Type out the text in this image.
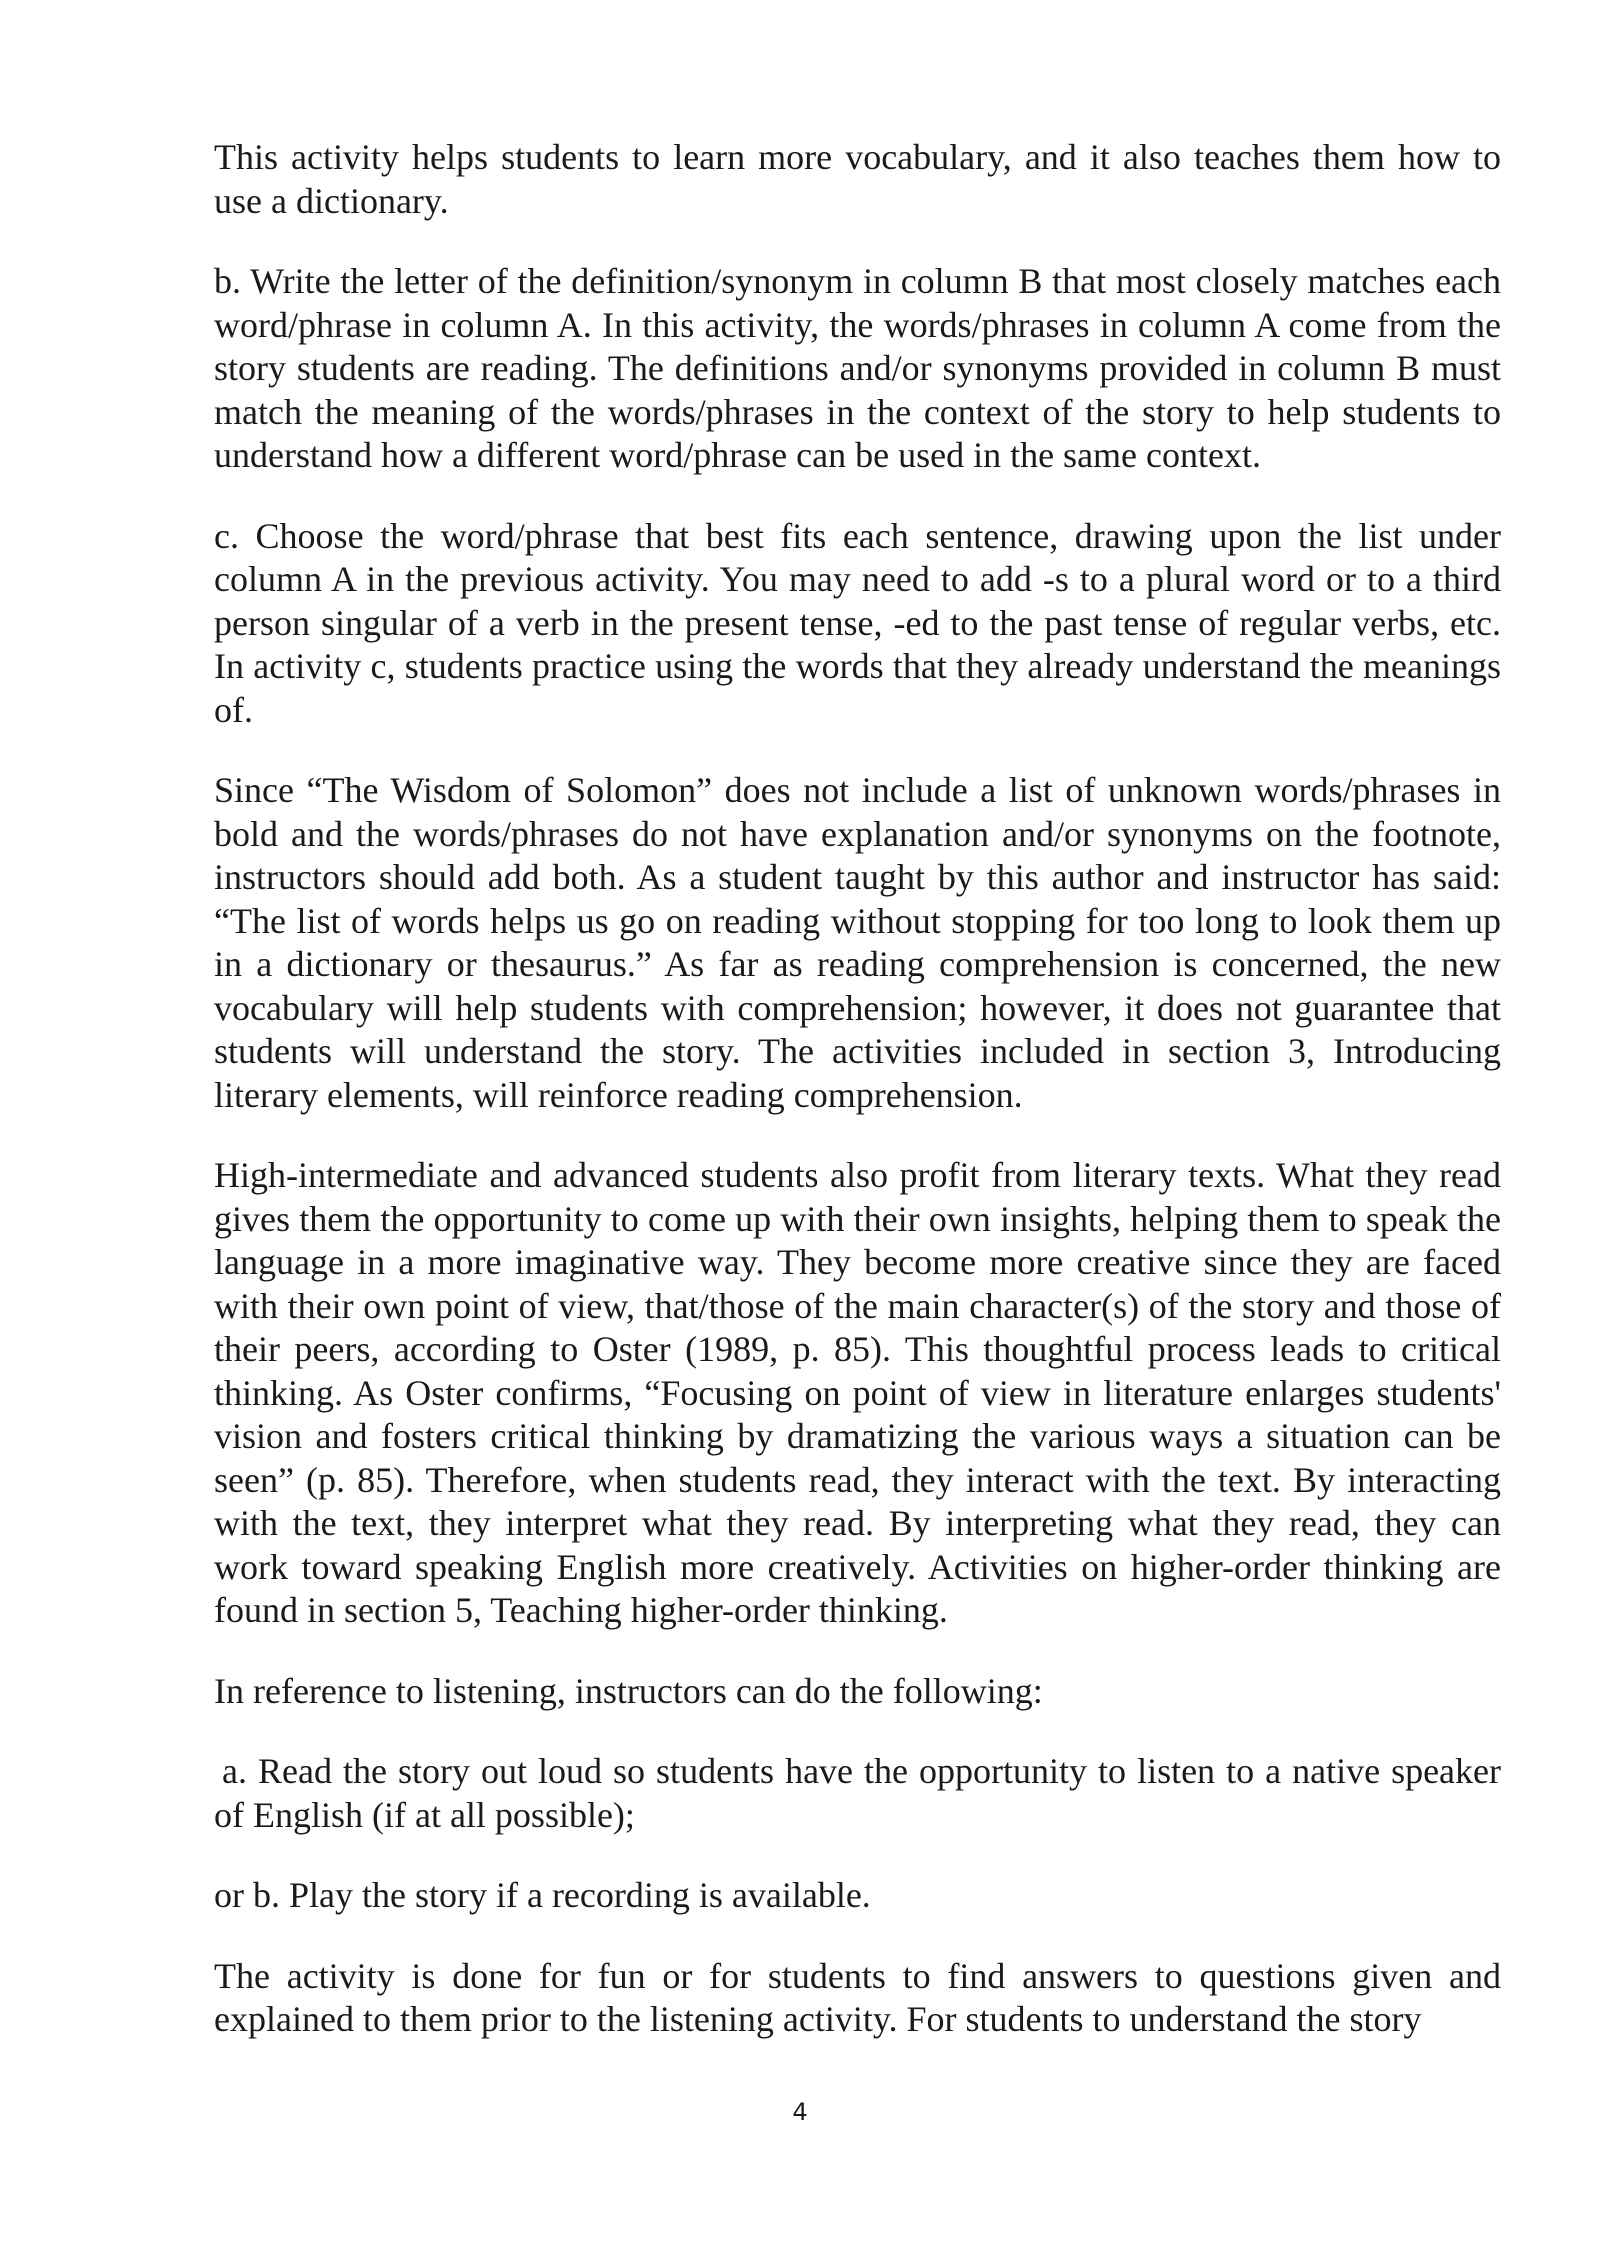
This activity helps students to learn more vocabulary, and it also teaches them how to use a dictionary.

b. Write the letter of the definition/synonym in column B that most closely matches each word/phrase in column A. In this activity, the words/phrases in column A come from the story students are reading. The definitions and/or synonyms provided in column B must match the meaning of the words/phrases in the context of the story to help students to understand how a different word/phrase can be used in the same context.

c. Choose the word/phrase that best fits each sentence, drawing upon the list under column A in the previous activity. You may need to add -s to a plural word or to a third person singular of a verb in the present tense, -ed to the past tense of regular verbs, etc. In activity c, students practice using the words that they already understand the meanings of.

Since “The Wisdom of Solomon” does not include a list of unknown words/phrases in bold and the words/phrases do not have explanation and/or synonyms on the footnote, instructors should add both. As a student taught by this author and instructor has said: “The list of words helps us go on reading without stopping for too long to look them up in a dictionary or thesaurus.” As far as reading comprehension is concerned, the new vocabulary will help students with comprehension; however, it does not guarantee that students will understand the story. The activities included in section 3, Introducing literary elements, will reinforce reading comprehension.

High-intermediate and advanced students also profit from literary texts. What they read gives them the opportunity to come up with their own insights, helping them to speak the language in a more imaginative way. They become more creative since they are faced with their own point of view, that/those of the main character(s) of the story and those of their peers, according to Oster (1989, p. 85). This thoughtful process leads to critical thinking. As Oster confirms, “Focusing on point of view in literature enlarges students' vision and fosters critical thinking by dramatizing the various ways a situation can be seen” (p. 85). Therefore, when students read, they interact with the text. By interacting with the text, they interpret what they read. By interpreting what they read, they can work toward speaking English more creatively. Activities on higher-order thinking are found in section 5, Teaching higher-order thinking.

In reference to listening, instructors can do the following:

a. Read the story out loud so students have the opportunity to listen to a native speaker of English (if at all possible);

or b. Play the story if a recording is available.

The activity is done for fun or for students to find answers to questions given and explained to them prior to the listening activity. For students to understand the story

4
